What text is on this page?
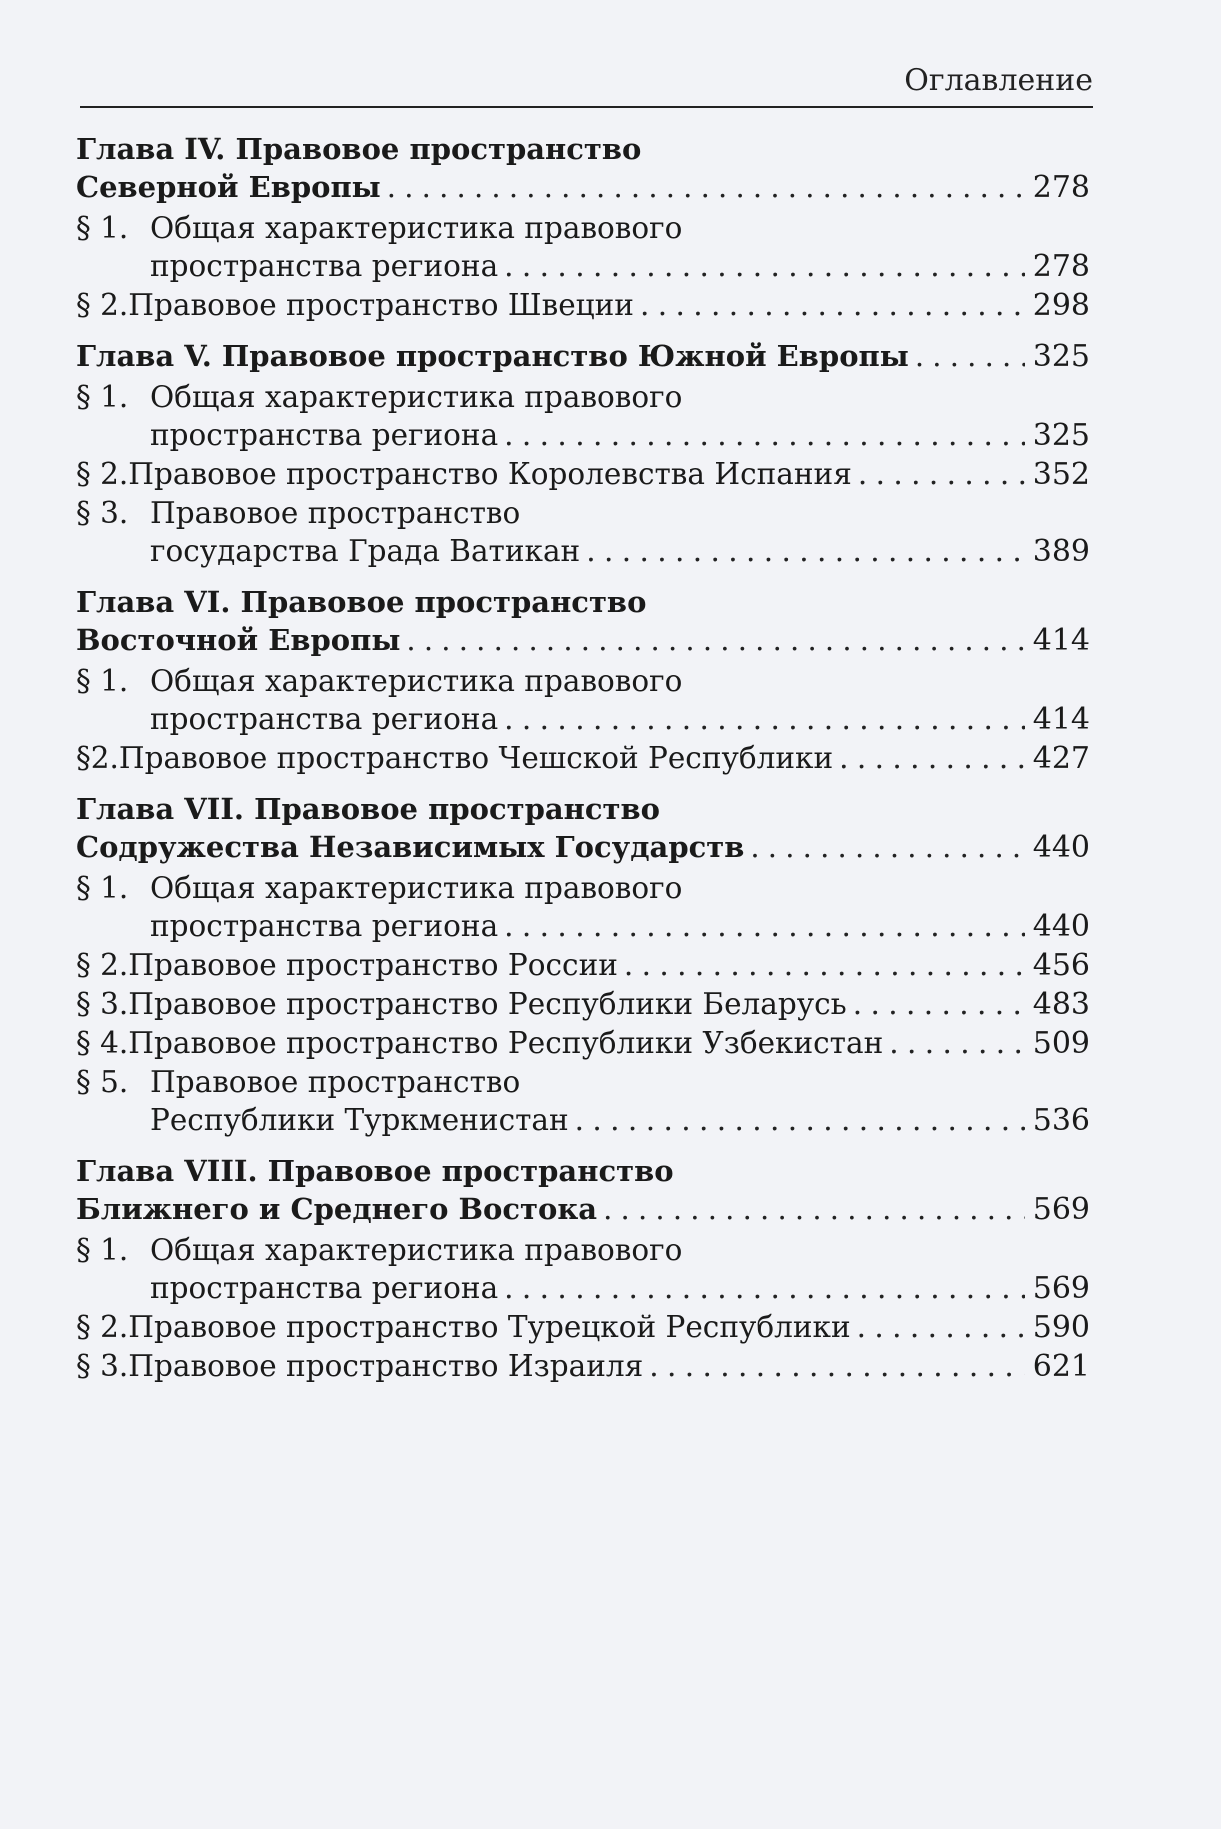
Оглавление
Глава IV. Правовое пространство
Северной Европы . . .	278
§ 1. Общая характеристика правового
пространства региона . . .	278
§ 2. Правовое пространство Швеции . . .	298
Глава V. Правовое пространство Южной Европы . . .	325
§ 1. Общая характеристика правового
пространства региона . . .	325
§ 2. Правовое пространство Королевства Испания . . .	352
§ 3. Правовое пространство
государства Града Ватикан . . .	389
Глава VI. Правовое пространство
Восточной Европы . . .	414
§ 1. Общая характеристика правового
пространства региона . . .	414
§2. Правовое пространство Чешской Республики . . .	427
Глава VII. Правовое пространство
Содружества Независимых Государств . . .	440
§ 1. Общая характеристика правового
пространства региона . . .	440
§ 2. Правовое пространство России . . .	456
§ 3. Правовое пространство Республики Беларусь . . .	483
§ 4. Правовое пространство Республики Узбекистан . . .	509
§ 5. Правовое пространство
Республики Туркменистан . . .	536
Глава VIII. Правовое пространство
Ближнего и Среднего Востока . . .	569
§ 1. Общая характеристика правового
пространства региона . . .	569
§ 2. Правовое пространство Турецкой Республики . . .	590
§ 3. Правовое пространство Израиля . . .	621
